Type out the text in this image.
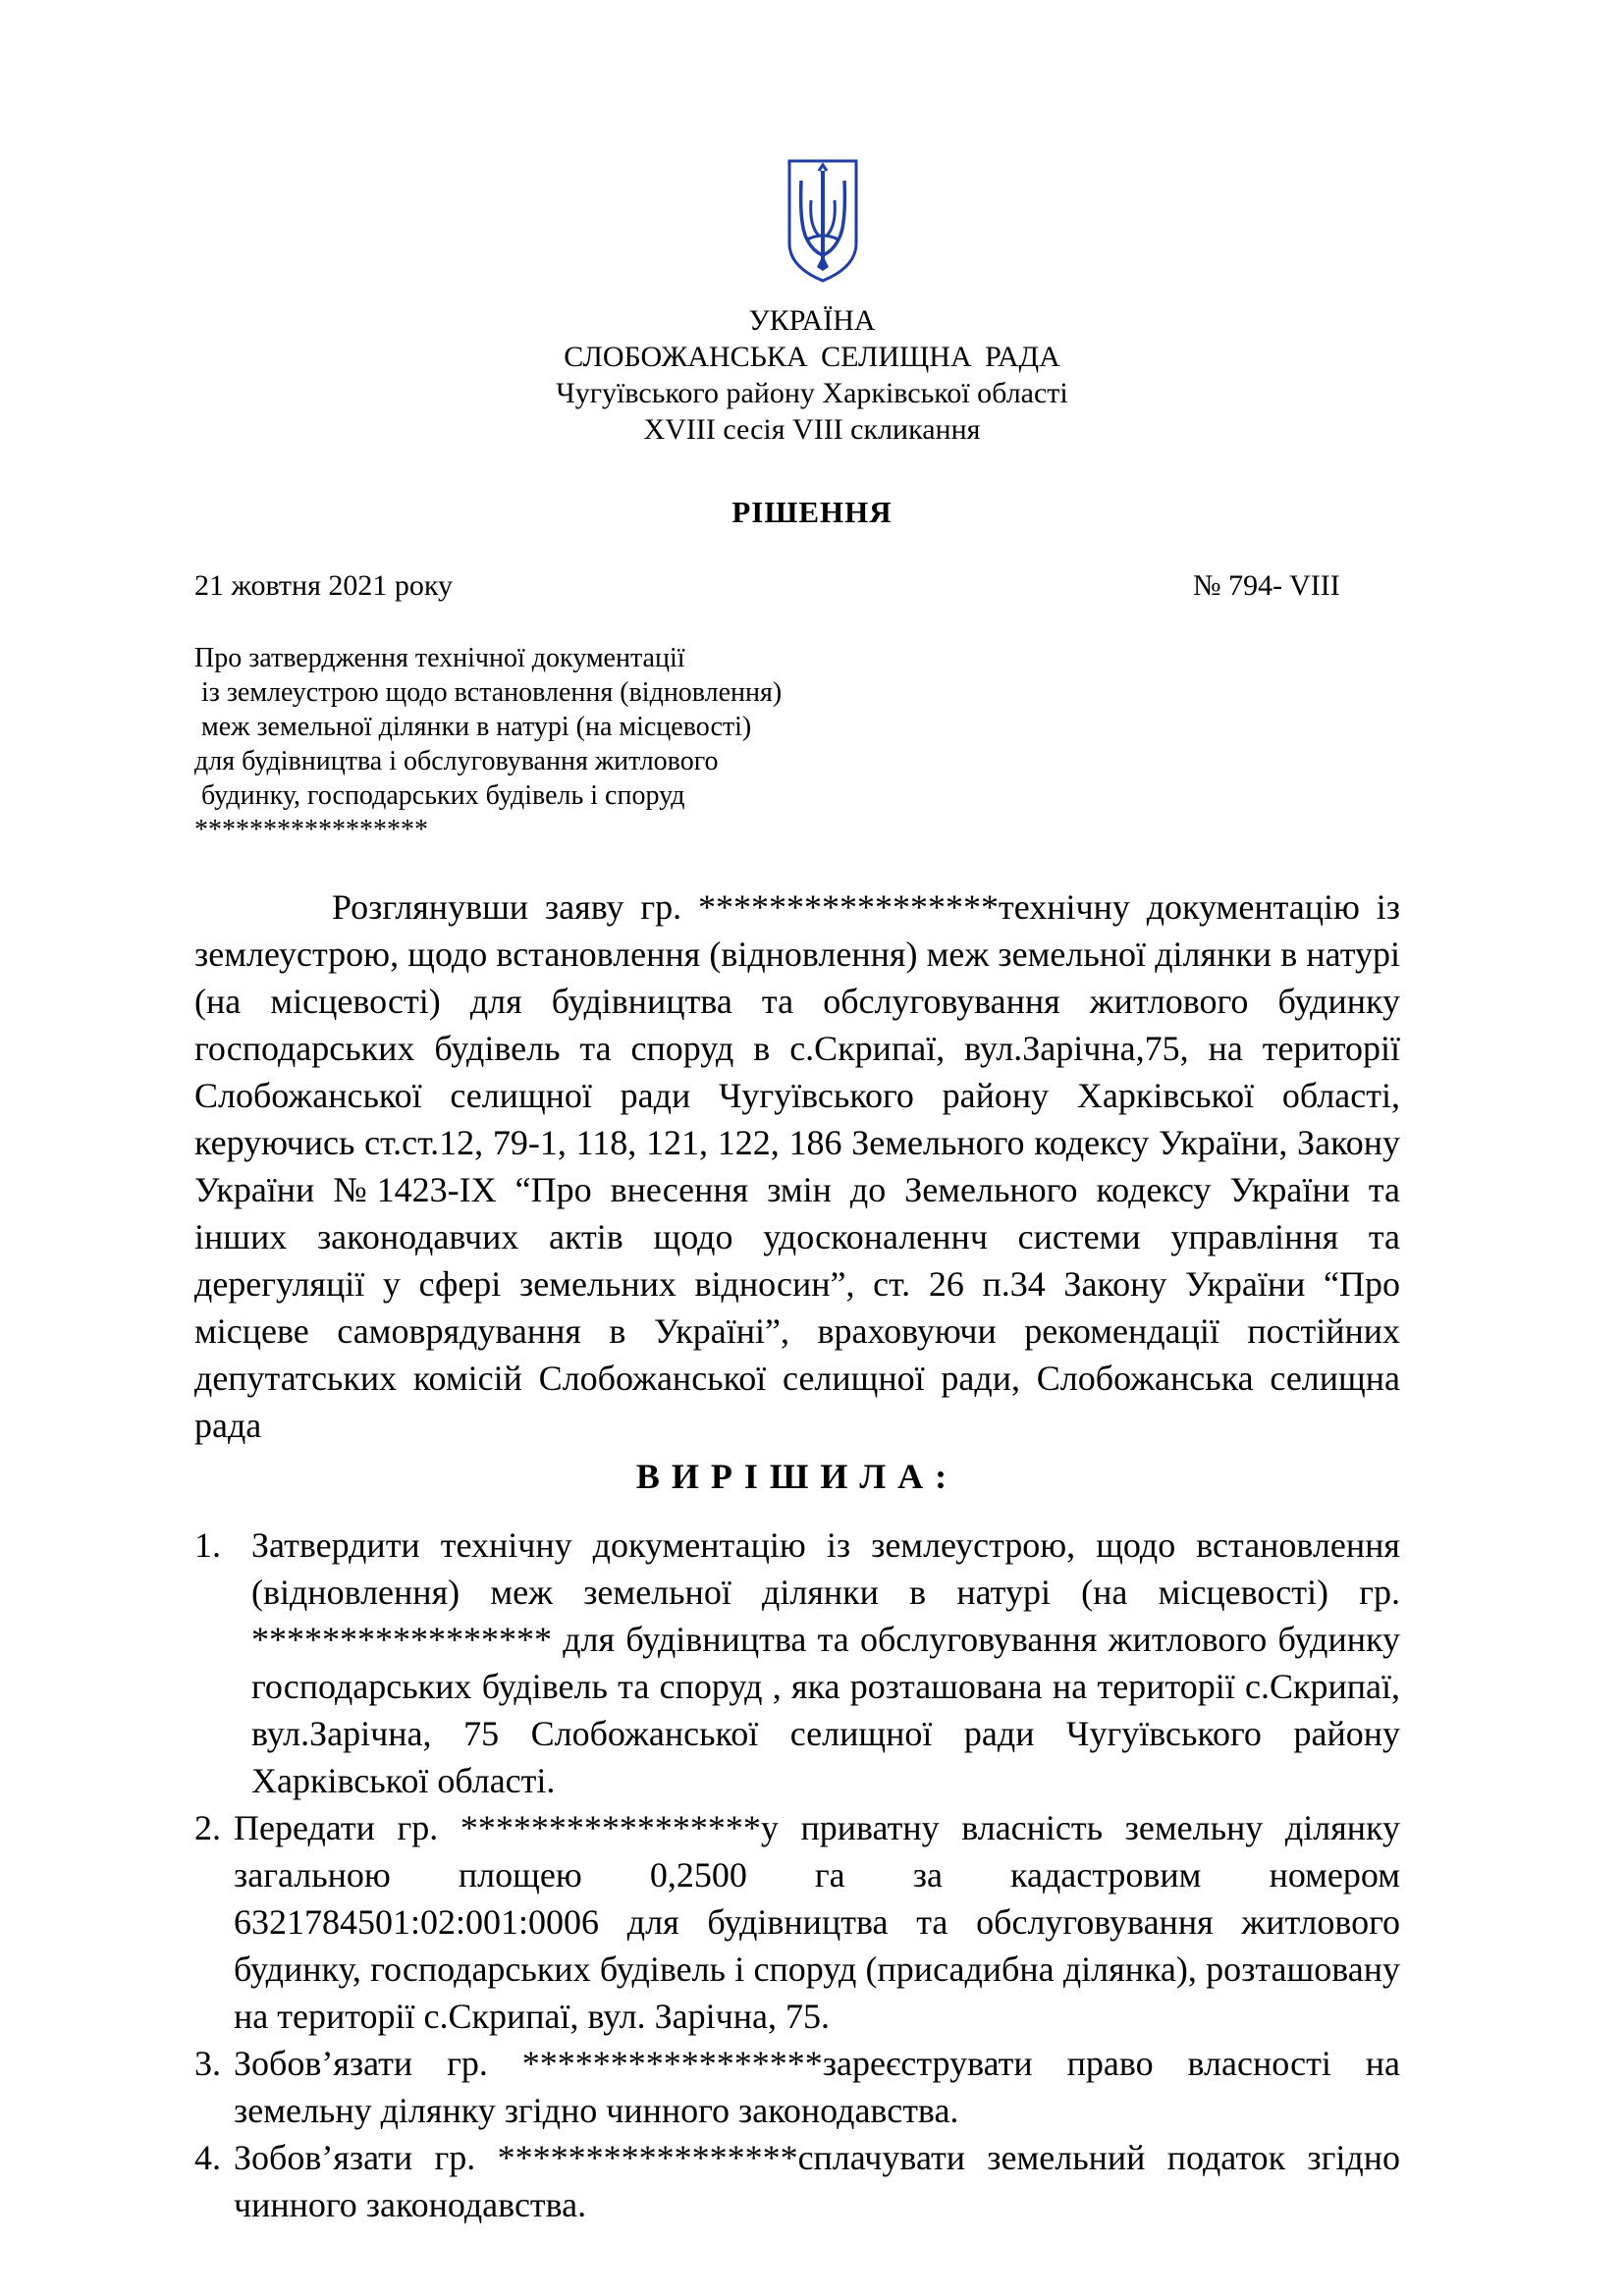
УКРАЇНА
СЛОБОЖАНСЬКА СЕЛИЩНА РАДА
Чугуївського району Харківської області
XVIII сесія VIII скликання
РІШЕННЯ
21 жовтня 2021 року	№ 794- VIII
Про затвердження технічної документації
із землеустрою щодо встановлення (відновлення)
меж земельної ділянки в натурі (на місцевості)
для будівництва і обслуговування житлового
будинку, господарських будівель і споруд
*****************
Розглянувши заяву гр. *****************технічну документацію із землеустрою, щодо встановлення (відновлення) меж земельної ділянки в натурі (на місцевості) для будівництва та обслуговування житлового будинку господарських будівель та споруд в с.Скрипаї, вул.Зарічна,75, на території Слобожанської селищної ради Чугуївського району Харківської області, керуючись ст.ст.12, 79-1, 118, 121, 122, 186 Земельного кодексу України, Закону України №1423-IX “Про внесення змін до Земельного кодексу України та інших законодавчих актів щодо удосконаленнч системи управління та дерегуляції у сфері земельних відносин”, ст. 26 п.34 Закону України “Про місцеве самоврядування в Україні”, враховуючи рекомендації постійних депутатських комісій Слобожанської селищної ради, Слобожанська селищна рада
ВИРІШИЛА:
1. Затвердити технічну документацію із землеустрою, щодо встановлення (відновлення) меж земельної ділянки в натурі (на місцевості) гр. ***************** для будівництва та обслуговування житлового будинку господарських будівель та споруд , яка розташована на території с.Скрипаї, вул.Зарічна, 75 Слобожанської селищної ради Чугуївського району Харківської області.
2. Передати гр. *****************у приватну власність земельну ділянку загальною площею 0,2500 га за кадастровим номером 6321784501:02:001:0006 для будівництва та обслуговування житлового будинку, господарських будівель і споруд (присадибна ділянка), розташовану на території с.Скрипаї, вул. Зарічна, 75.
3. Зобов’язати гр. *****************зареєструвати право власності на земельну ділянку згідно чинного законодавства.
4. Зобов’язати гр. *****************сплачувати земельний податок згідно чинного законодавства.
